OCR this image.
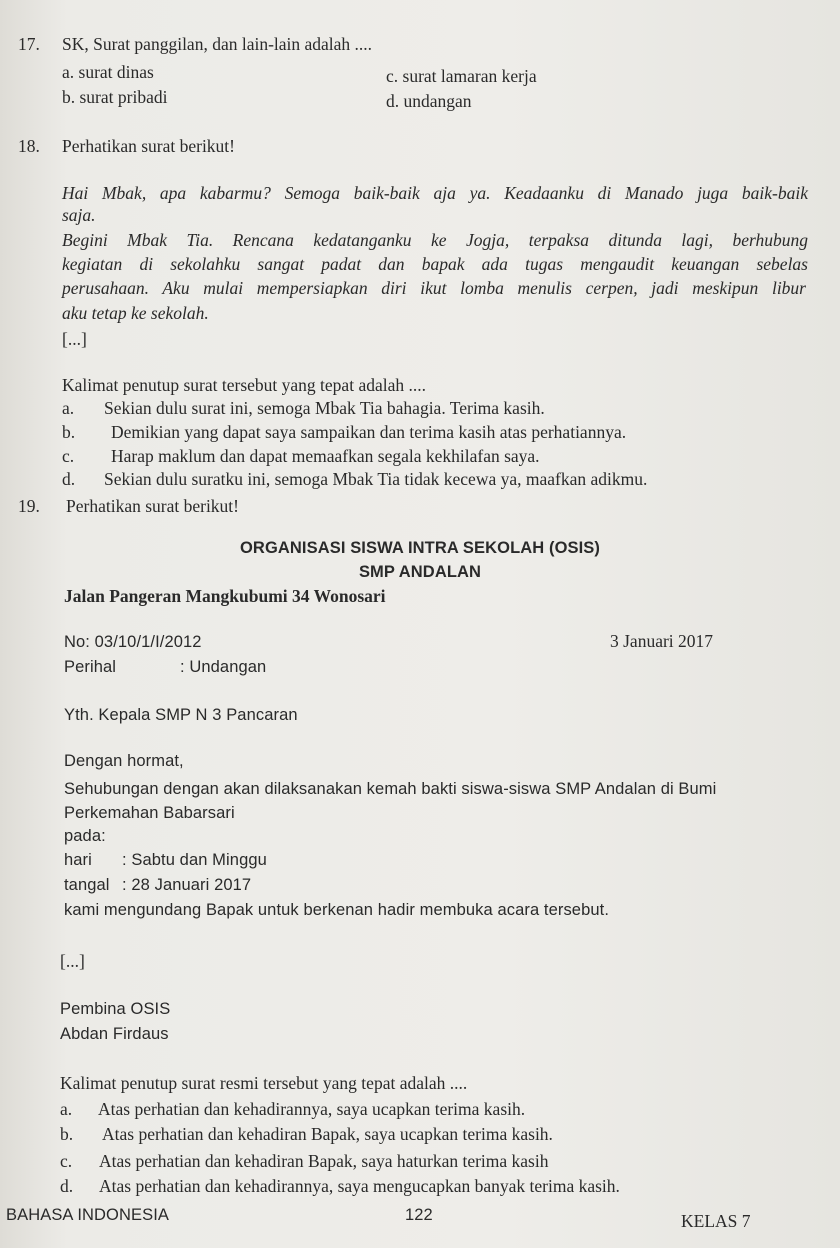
17. SK, Surat panggilan, dan lain-lain adalah ....
a. surat dinas	c. surat lamaran kerja
b. surat pribadi	d. undangan
18. Perhatikan surat berikut!
Hai Mbak, apa kabarmu? Semoga baik-baik aja ya. Keadaanku di Manado juga baik-baik
saja.
Begini Mbak Tia. Rencana kedatanganku ke Jogja, terpaksa ditunda lagi, berhubung
kegiatan di sekolahku sangat padat dan bapak ada tugas mengaudit keuangan sebelas
perusahaan. Aku mulai mempersiapkan diri ikut lomba menulis cerpen, jadi meskipun libur
aku tetap ke sekolah.
[...]
Kalimat penutup surat tersebut yang tepat adalah ....
a. Sekian dulu surat ini, semoga Mbak Tia bahagia. Terima kasih.
b. Demikian yang dapat saya sampaikan dan terima kasih atas perhatiannya.
c. Harap maklum dan dapat memaafkan segala kekhilafan saya.
d. Sekian dulu suratku ini, semoga Mbak Tia tidak kecewa ya, maafkan adikmu.
19. Perhatikan surat berikut!
ORGANISASI SISWA INTRA SEKOLAH (OSIS)
SMP ANDALAN
Jalan Pangeran Mangkubumi 34 Wonosari
No: 03/10/1/I/2012	3 Januari 2017
Perihal	: Undangan
Yth. Kepala SMP N 3 Pancaran
Dengan hormat,
Sehubungan dengan akan dilaksanakan kemah bakti siswa-siswa SMP Andalan di Bumi
Perkemahan Babarsari
pada:
hari : Sabtu dan Minggu
tangal : 28 Januari 2017
kami mengundang Bapak untuk berkenan hadir membuka acara tersebut.
[...]
Pembina OSIS
Abdan Firdaus
Kalimat penutup surat resmi tersebut yang tepat adalah ....
a. Atas perhatian dan kehadirannya, saya ucapkan terima kasih.
b. Atas perhatian dan kehadiran Bapak, saya ucapkan terima kasih.
c. Atas perhatian dan kehadiran Bapak, saya haturkan terima kasih
d. Atas perhatian dan kehadirannya, saya mengucapkan banyak terima kasih.
BAHASA INDONESIA	122	KELAS 7
